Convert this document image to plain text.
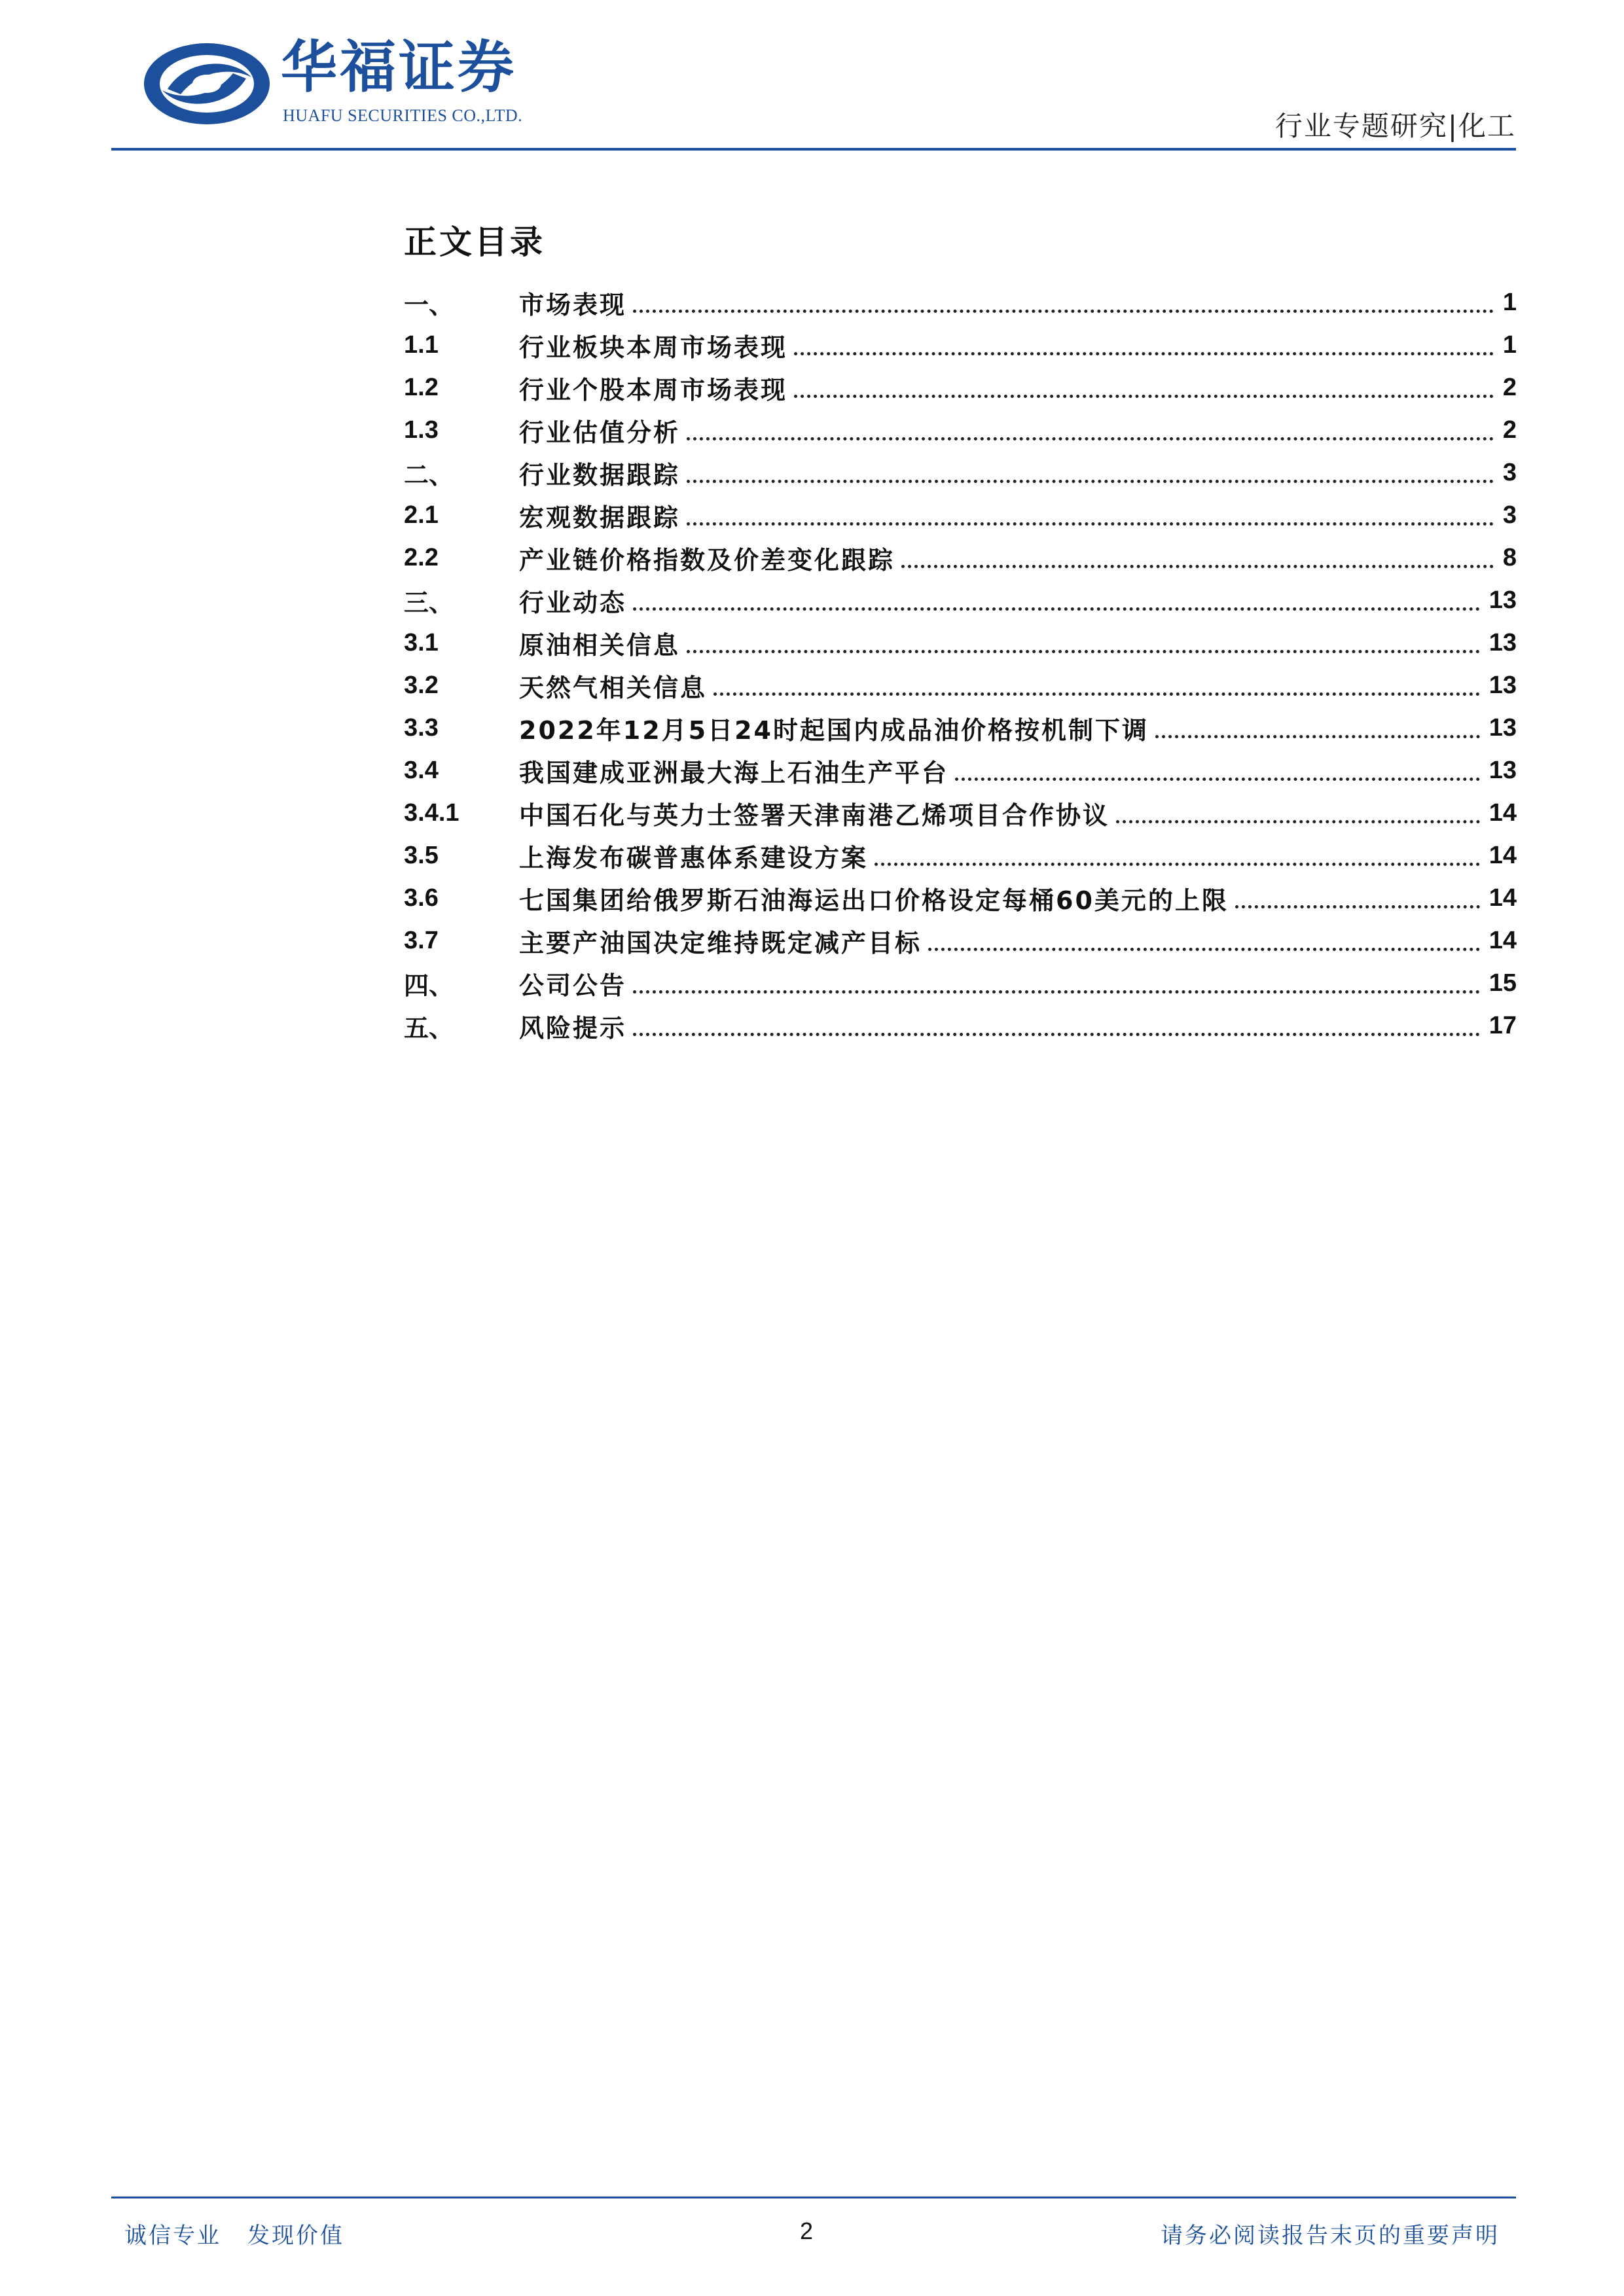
华福证券
HUAFU SECURITIES CO.,LTD.	行业专题研究|化工
正文目录
一、	市场表现	1
1.1	行业板块本周市场表现	1
1.2	行业个股本周市场表现	2
1.3	行业估值分析	2
二、	行业数据跟踪	3
2.1	宏观数据跟踪	3
2.2	产业链价格指数及价差变化跟踪	8
三、	行业动态	13
3.1	原油相关信息	13
3.2	天然气相关信息	13
3.3	2022年12月5日24时起国内成品油价格按机制下调	13
3.4	我国建成亚洲最大海上石油生产平台	13
3.4.1	中国石化与英力士签署天津南港乙烯项目合作协议	14
3.5	上海发布碳普惠体系建设方案	14
3.6	七国集团给俄罗斯石油海运出口价格设定每桶60美元的上限	14
3.7	主要产油国决定维持既定减产目标	14
四、	公司公告	15
五、	风险提示	17
诚信专业 发现价值	2	请务必阅读报告末页的重要声明
